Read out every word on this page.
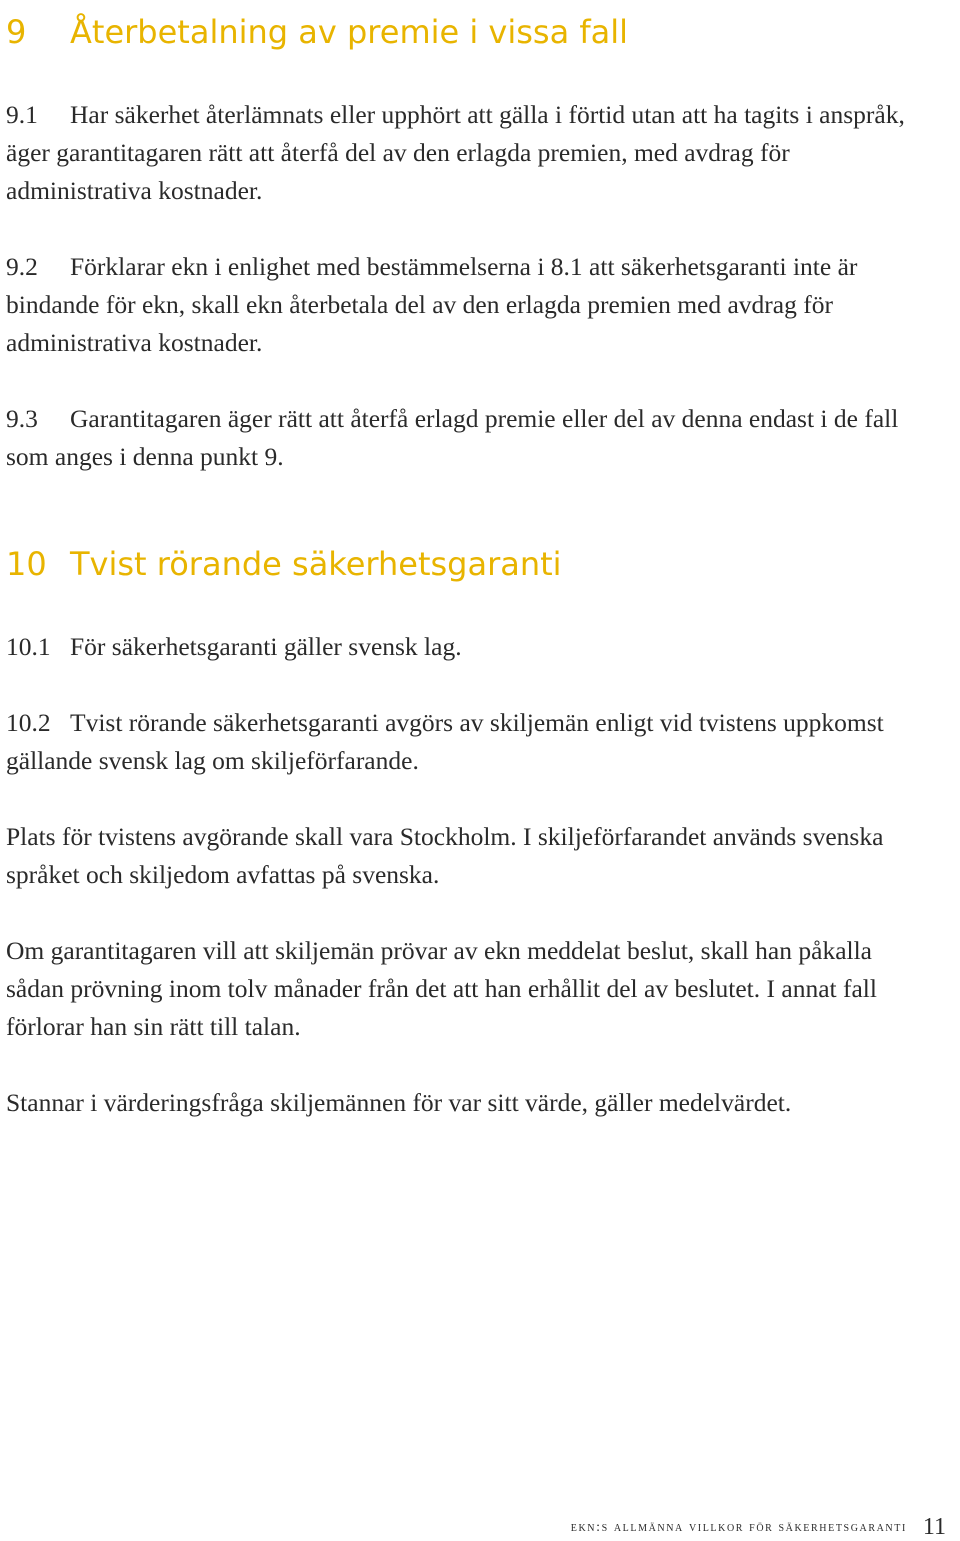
9 Återbetalning av premie i vissa fall

9.1 Har säkerhet återlämnats eller upphört att gälla i förtid utan att ha tagits i anspråk, äger garantitagaren rätt att återfå del av den erlagda premien, med avdrag för administrativa kostnader.

9.2 Förklarar ekn i enlighet med bestämmelserna i 8.1 att säkerhetsgaranti inte är bindande för ekn, skall ekn återbetala del av den erlagda premien med avdrag för administrativa kostnader.

9.3 Garantitagaren äger rätt att återfå erlagd premie eller del av denna endast i de fall som anges i denna punkt 9.

10 Tvist rörande säkerhetsgaranti

10.1 För säkerhetsgaranti gäller svensk lag.

10.2 Tvist rörande säkerhetsgaranti avgörs av skiljemän enligt vid tvistens uppkomst gällande svensk lag om skiljeförfarande.

Plats för tvistens avgörande skall vara Stockholm. I skiljeförfarandet används svenska språket och skiljedom avfattas på svenska.

Om garantitagaren vill att skiljemän prövar av ekn meddelat beslut, skall han påkalla sådan prövning inom tolv månader från det att han erhållit del av beslutet. I annat fall förlorar han sin rätt till talan.

Stannar i värderingsfråga skiljemännen för var sitt värde, gäller medelvärdet.

ekn:s allmänna villkor för säkerhetsgaranti 11
